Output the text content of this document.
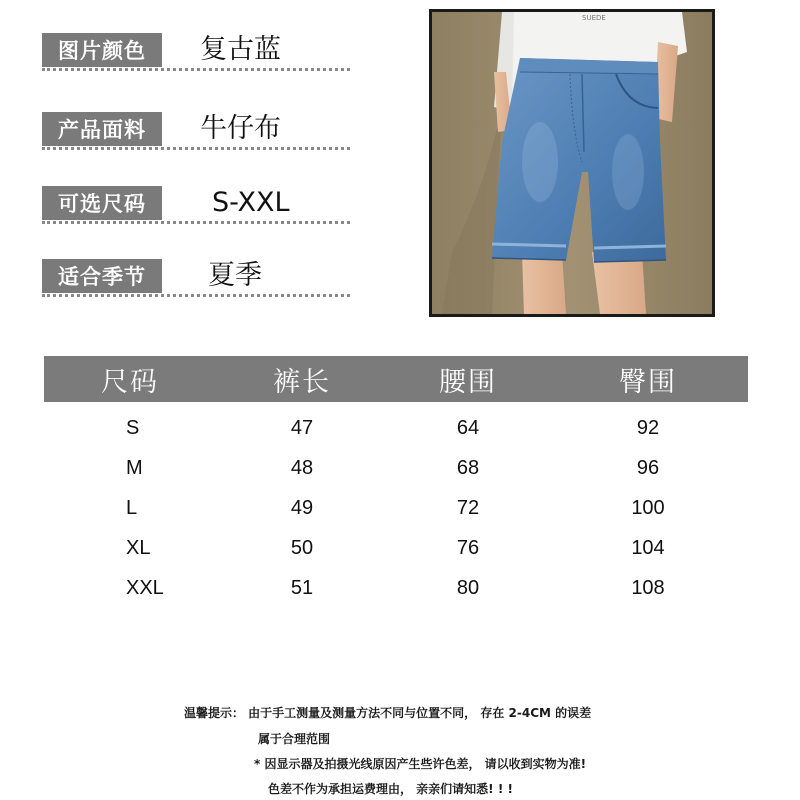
图片颜色	复古蓝
产品面料	牛仔布
可选尺码	S-XXL
适合季节	夏季
SUEDE
尺码	裤长	腰围	臀围
S	47	64	92
M	48	68	96
L	49	72	100
XL	50	76	104
XXL	51	80	108
温馨提示： 由于手工测量及测量方法不同与位置不同， 存在 2-4CM 的误差
属于合理范围
* 因显示器及拍摄光线原因产生些许色差， 请以收到实物为准!
色差不作为承担运费理由， 亲亲们请知悉! ! !
